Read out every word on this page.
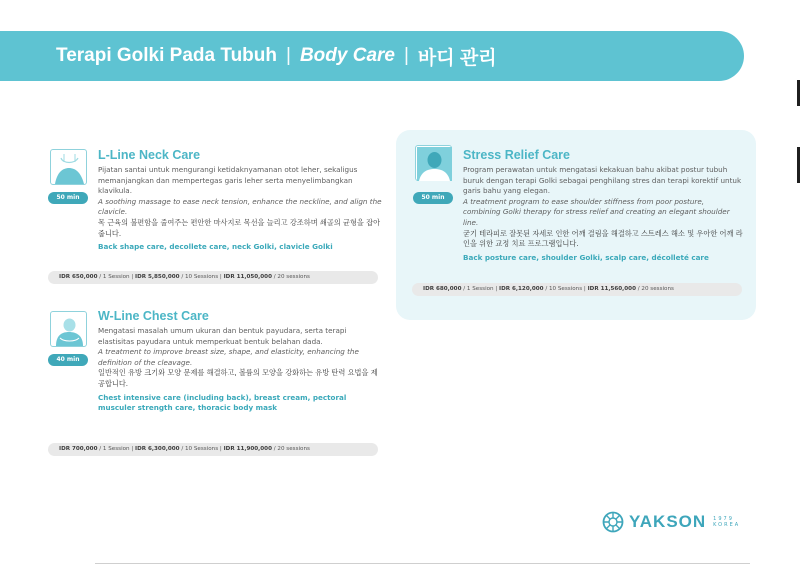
Terapi Golki Pada Tubuh | Body Care | 바디 관리
50 min
L-Line Neck Care

Pijatan santai untuk mengurangi ketidaknyamanan otot leher, sekaligus memanjangkan dan mempertegas garis leher serta menyelimbangkan klavikula.

A soothing massage to ease neck tension, enhance the neckline, and align the clavicle.

목 근육의 불편함을 줄여주는 편안한 마사지로 목선을 늘리고 강조하며 쇄골의 균형을 잡아줍니다.

Back shape care, decollete care, neck Golki, clavicle Golki

IDR 650,000 / 1 Session | IDR 5,850,000 / 10 Sessions | IDR 11,050,000 / 20 sessions
40 min
W-Line Chest Care

Mengatasi masalah umum ukuran dan bentuk payudara, serta terapi elastisitas payudara untuk memperkuat bentuk belahan dada.

A treatment to improve breast size, shape, and elasticity, enhancing the definition of the cleavage.

일반적인 유방 크기와 모양 문제를 해결하고, 볼륨의 모양을 강화하는 유방 탄력 요법을 제공합니다.

Chest intensive care (including back), breast cream, pectoral musculer strength care, thoracic body mask

IDR 700,000 / 1 Session | IDR 6,300,000 / 10 Sessions | IDR 11,900,000 / 20 sessions
50 min
Stress Relief Care

Program perawatan untuk mengatasi kekakuan bahu akibat postur tubuh buruk dengan terapi Golki sebagai penghilang stres dan terapi korektif untuk garis bahu yang elegan.

A treatment program to ease shoulder stiffness from poor posture, combining Golki therapy for stress relief and creating an elegant shoulder line.

굳기 테라피로 잘못된 자세로 인한 어깨 결림을 해결하고 스트레스 해소 및 우아한 어깨 라인을 위한 교정 치료 프로그램입니다.

Back posture care, shoulder Golki, scalp care, décolleté care

IDR 680,000 / 1 Session | IDR 6,120,000 / 10 Sessions | IDR 11,560,000 / 20 sessions
YAKSON 1979
KOREA
